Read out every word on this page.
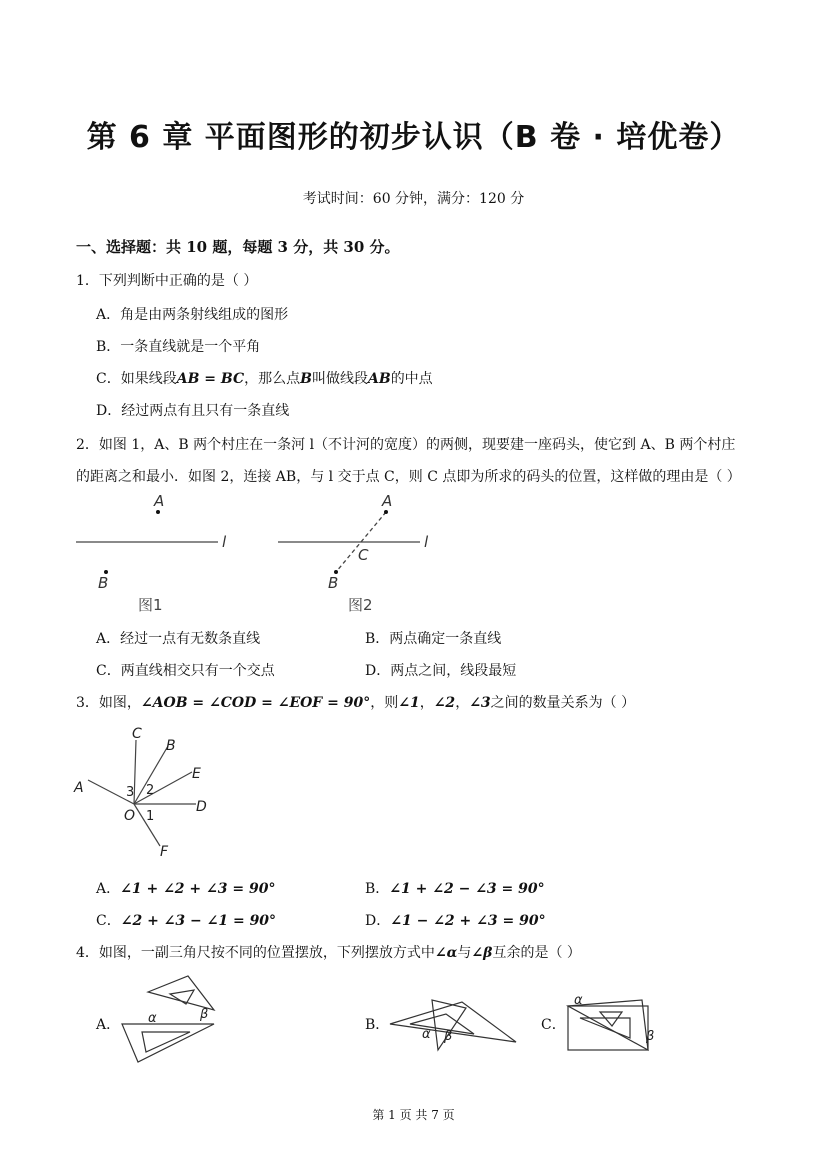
第 6 章 平面图形的初步认识（B 卷 · 培优卷）
考试时间：60 分钟，满分：120 分
一、选择题：共 10 题，每题 3 分，共 30 分。
1．下列判断中正确的是（ ）
A．角是由两条射线组成的图形
B．一条直线就是一个平角
C．如果线段AB = BC，那么点B叫做线段AB的中点
D．经过两点有且只有一条直线
2．如图 1，A、B 两个村庄在一条河 l（不计河的宽度）的两侧，现要建一座码头，使它到 A、B 两个村庄
的距离之和最小．如图 2，连接 AB，与 l 交于点 C，则 C 点即为所求的码头的位置，这样做的理由是（ ）
A
B
l
图1
A
B
C
l
图2
A．经过一点有无数条直线	B．两点确定一条直线
C．两直线相交只有一个交点	D．两点之间，线段最短
3．如图，∠AOB = ∠COD = ∠EOF = 90°，则∠1，∠2，∠3之间的数量关系为（ ）
C
B
E
A
D
O
F
3 2
1
A．∠1 + ∠2 + ∠3 = 90°	B．∠1 + ∠2 − ∠3 = 90°
C．∠2 + ∠3 − ∠1 = 90°	D．∠1 − ∠2 + ∠3 = 90°
4．如图，一副三角尺按不同的位置摆放，下列摆放方式中∠α与∠β互余的是（ ）
A．	B．	C．
α	β
α β
α
β
第 1 页 共 7 页
